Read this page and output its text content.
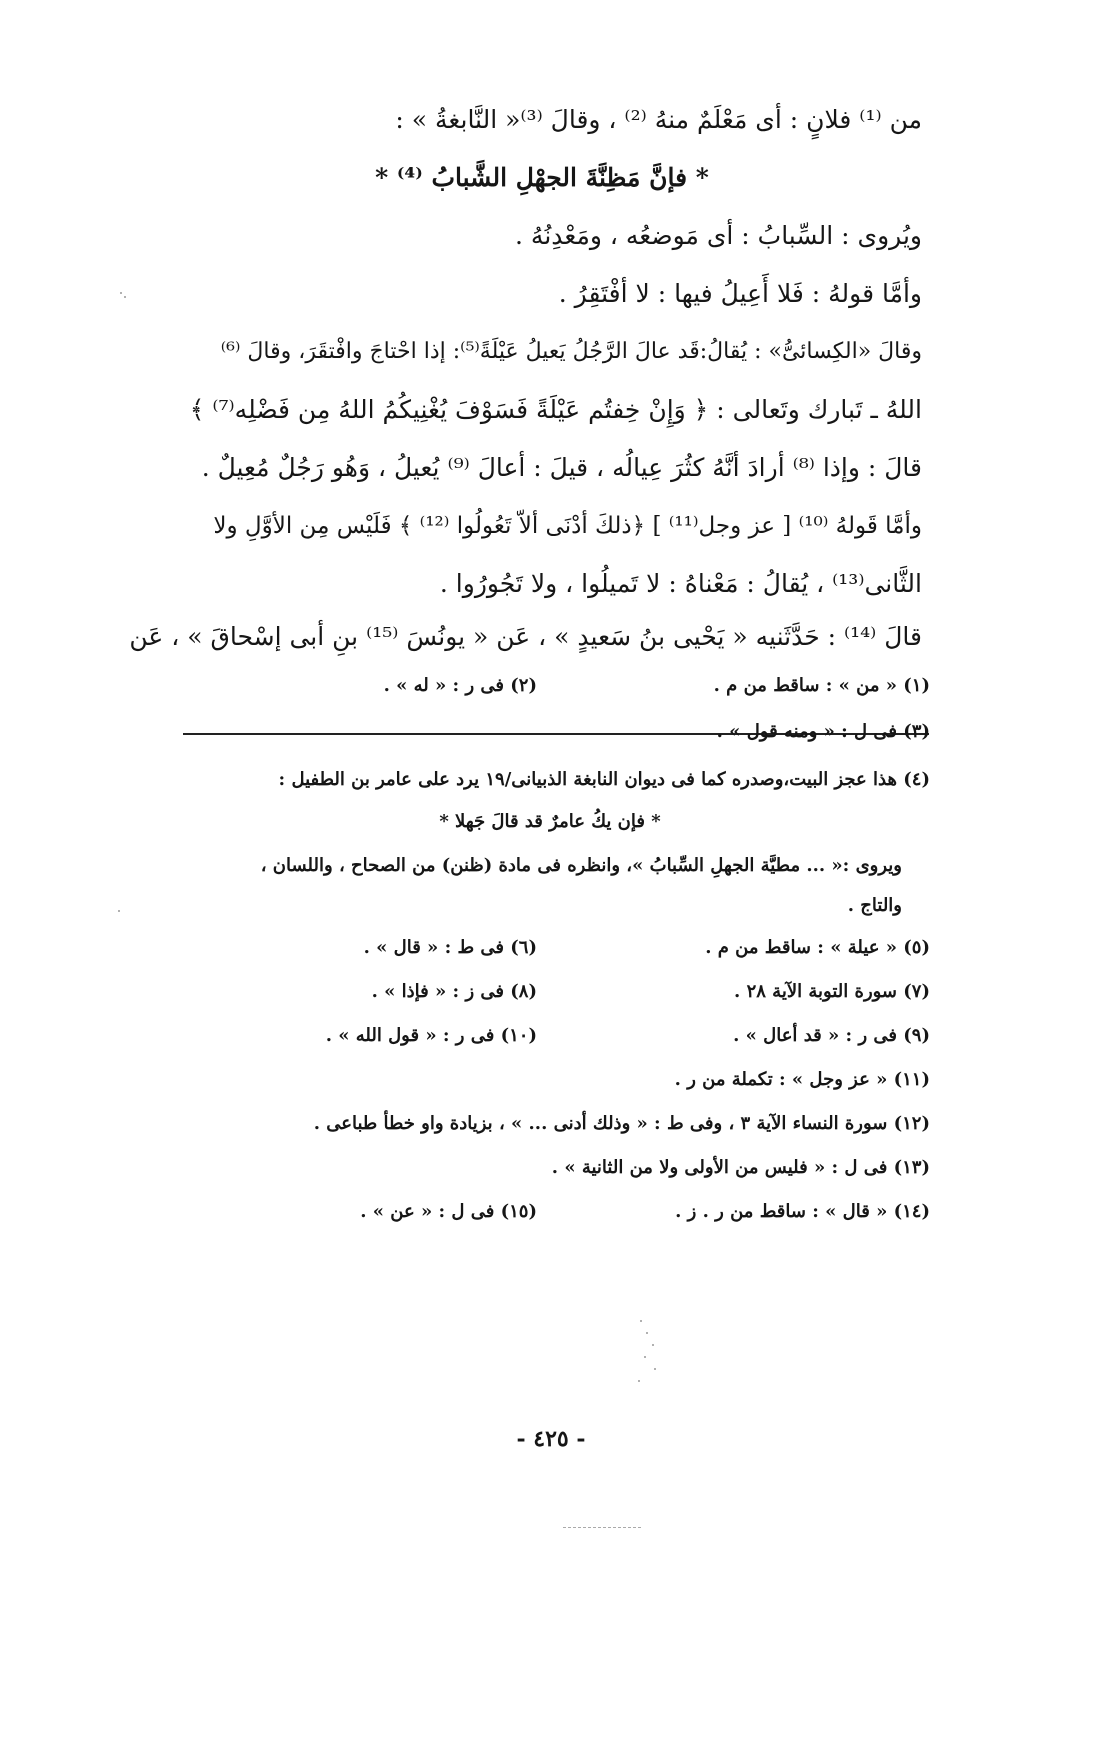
من ⁽¹⁾ فلانٍ : أى مَعْلَمٌ منهُ ⁽²⁾ ، وقالَ ⁽³⁾« النَّابغةُ » :
* فإنَّ مَظِنَّةَ الجهْلِ الشَّبابُ ⁽⁴⁾ *
ويُروى : السِّبابُ : أى مَوضعُه ، ومَعْدِنُهُ .
وأمَّا قولهُ : فَلا أَعِيلُ فيها : لا أفْتَقِرُ .
وقالَ «الكِسائىُّ» : يُقالُ:قَد عالَ الرَّجُلُ يَعيلُ عَيْلَةً⁽⁵⁾: إذا احْتاجَ وافْتقَرَ، وقالَ ⁽⁶⁾
اللهُ ـ تَبارك وتَعالى : ﴿ وَإِنْ خِفتُم عَيْلَةً فَسَوْفَ يُغْنِيكُمُ اللهُ مِن فَضْلِه⁽⁷⁾ ﴾
قالَ : وإذا ⁽⁸⁾ أرادَ أنَّهُ كثُرَ عِيالُه ، قيلَ : أعالَ ⁽⁹⁾ يُعيلُ ، وَهُو رَجُلٌ مُعِيلٌ .
وأمَّا قَولهُ ⁽¹⁰⁾ [ عز وجل⁽¹¹⁾ ] ﴿ذلكَ أدْنَى ألاّ تَعُولُوا ⁽¹²⁾ ﴾ فَلَيْس مِن الأوَّلِ ولا
الثَّانى⁽¹³⁾ ، يُقالُ : مَعْناهُ : لا تَميلُوا ، ولا تَجُورُوا .
قالَ ⁽¹⁴⁾ : حَدَّثَنيه « يَحْيى بنُ سَعيدٍ » ، عَن « يونُسَ ⁽¹⁵⁾ بنِ أبى إسْحاقَ » ، عَن
(١) « من » : ساقط من م .
(٢) فى ر : « له » .
(٣) فى ل : « ومنه قول » .
(٤) هذا عجز البيت،وصدره كما فى ديوان النابغة الذبيانى/١٩ يرد على عامر بن الطفيل :
* فإن يكُ عامرٌ قد قالَ جَهلا *
ويروى :« ... مطيَّة الجهلِ السِّبابُ »، وانظره فى مادة (ظنن) من الصحاح ، واللسان ،
والتاج .
(٥) « عيلة » : ساقط من م .
(٦) فى ط : « قال » .
(٧) سورة التوبة الآية ٢٨ .
(٨) فى ز : « فإذا » .
(٩) فى ر : « قد أعال » .
(١٠) فى ر : « قول الله » .
(١١) « عز وجل » : تكملة من ر .
(١٢) سورة النساء الآية ٣ ، وفى ط : « وذلك أدنى ... » ، بزيادة واو خطأ طباعى .
(١٣) فى ل : « فليس من الأولى ولا من الثانية » .
(١٤) « قال » : ساقط من ر . ز .
(١٥) فى ل : « عن » .
- ٤٢٥ -
